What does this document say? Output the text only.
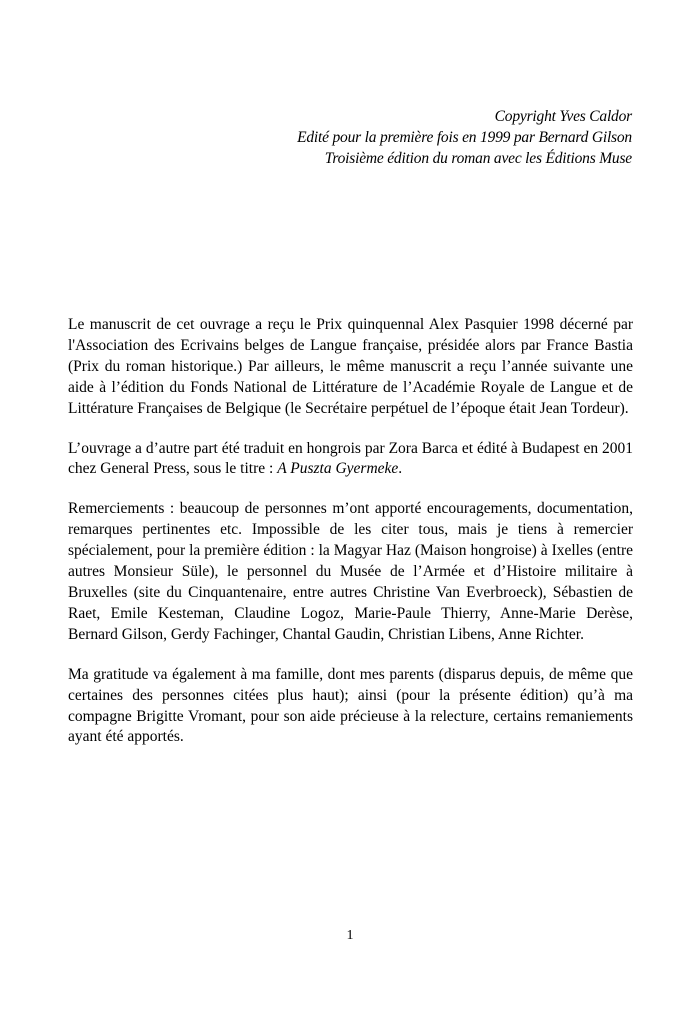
Copyright Yves Caldor
Edité pour la première fois en 1999 par Bernard Gilson
Troisième édition du roman avec les Éditions Muse

Le manuscrit de cet ouvrage a reçu le Prix quinquennal Alex Pasquier 1998 décerné par l'Association des Ecrivains belges de Langue française, présidée alors par France Bastia (Prix du roman historique.) Par ailleurs, le même manuscrit a reçu l’année suivante une aide à l’édition du Fonds National de Littérature de l’Académie Royale de Langue et de Littérature Françaises de Belgique (le Secrétaire perpétuel de l’époque était Jean Tordeur).

L’ouvrage a d’autre part été traduit en hongrois par Zora Barca et édité à Budapest en 2001 chez General Press, sous le titre : A Puszta Gyermeke.

Remerciements : beaucoup de personnes m’ont apporté encouragements, documentation, remarques pertinentes etc. Impossible de les citer tous, mais je tiens à remercier spécialement, pour la première édition : la Magyar Haz (Maison hongroise) à Ixelles (entre autres Monsieur Süle), le personnel du Musée de l’Armée et d’Histoire militaire à Bruxelles (site du Cinquantenaire, entre autres Christine Van Everbroeck), Sébastien de Raet, Emile Kesteman, Claudine Logoz, Marie-Paule Thierry, Anne-Marie Derèse, Bernard Gilson, Gerdy Fachinger, Chantal Gaudin, Christian Libens, Anne Richter.

Ma gratitude va également à ma famille, dont mes parents (disparus depuis, de même que certaines des personnes citées plus haut); ainsi (pour la présente édition) qu’à ma compagne Brigitte Vromant, pour son aide précieuse à la relecture, certains remaniements ayant été apportés.

1
